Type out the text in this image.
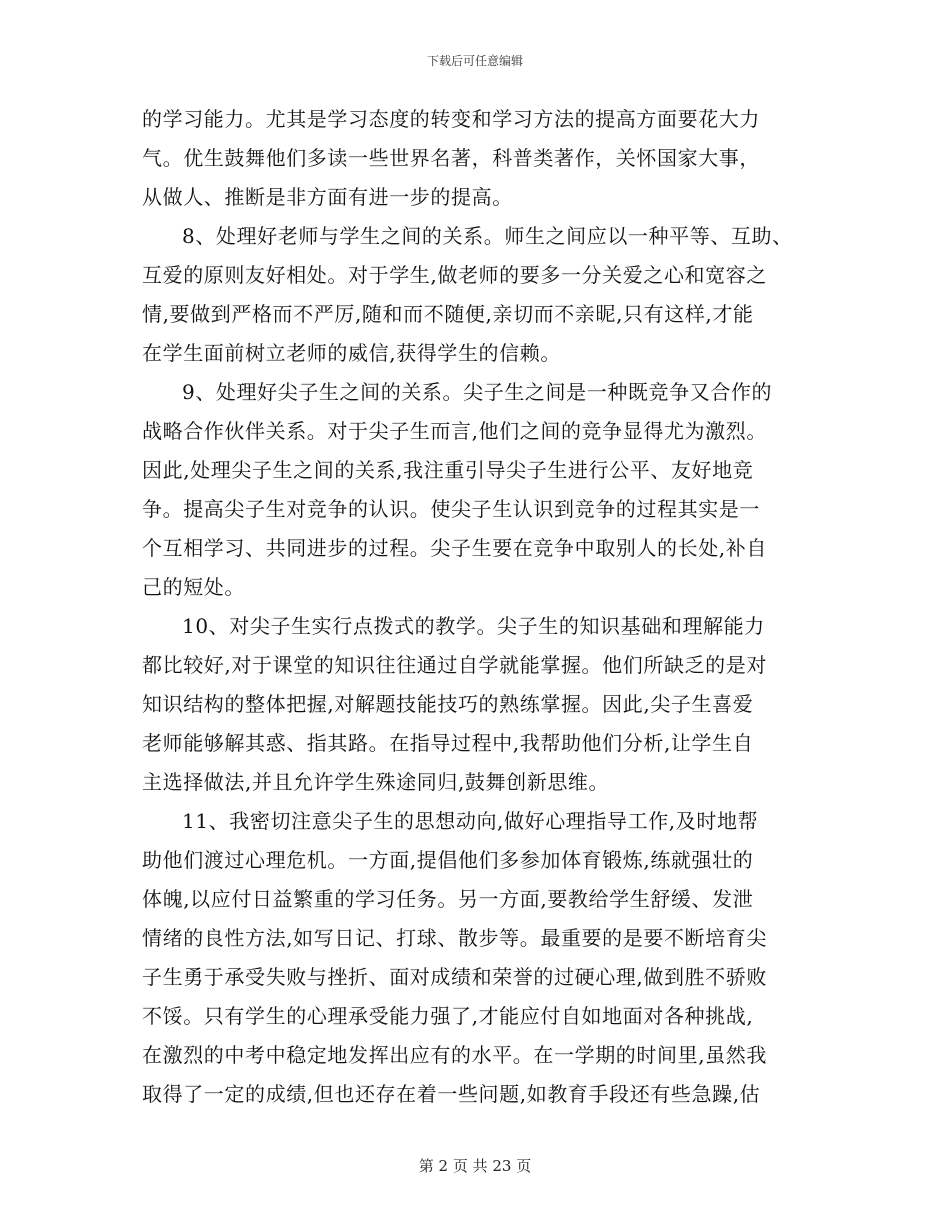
下载后可任意编辑
的学习能力。尤其是学习态度的转变和学习方法的提高方面要花大力
气。优生鼓舞他们多读一些世界名著，科普类著作，关怀国家大事，
从做人、推断是非方面有进一步的提高。
8、处理好老师与学生之间的关系。师生之间应以一种平等、互助、
互爱的原则友好相处。对于学生,做老师的要多一分关爱之心和宽容之
情,要做到严格而不严厉,随和而不随便,亲切而不亲昵,只有这样,才能
在学生面前树立老师的威信,获得学生的信赖。
9、处理好尖子生之间的关系。尖子生之间是一种既竞争又合作的
战略合作伙伴关系。对于尖子生而言,他们之间的竞争显得尤为激烈。
因此,处理尖子生之间的关系,我注重引导尖子生进行公平、友好地竞
争。提高尖子生对竞争的认识。使尖子生认识到竞争的过程其实是一
个互相学习、共同进步的过程。尖子生要在竞争中取别人的长处,补自
己的短处。
10、对尖子生实行点拨式的教学。尖子生的知识基础和理解能力
都比较好,对于课堂的知识往往通过自学就能掌握。他们所缺乏的是对
知识结构的整体把握,对解题技能技巧的熟练掌握。因此,尖子生喜爱
老师能够解其惑、指其路。在指导过程中,我帮助他们分析,让学生自
主选择做法,并且允许学生殊途同归,鼓舞创新思维。
11、我密切注意尖子生的思想动向,做好心理指导工作,及时地帮
助他们渡过心理危机。一方面,提倡他们多参加体育锻炼,练就强壮的
体魄,以应付日益繁重的学习任务。另一方面,要教给学生舒缓、发泄
情绪的良性方法,如写日记、打球、散步等。最重要的是要不断培育尖
子生勇于承受失败与挫折、面对成绩和荣誉的过硬心理,做到胜不骄败
不馁。只有学生的心理承受能力强了,才能应付自如地面对各种挑战,
在激烈的中考中稳定地发挥出应有的水平。在一学期的时间里,虽然我
取得了一定的成绩,但也还存在着一些问题,如教育手段还有些急躁,估
第 2 页 共 23 页
